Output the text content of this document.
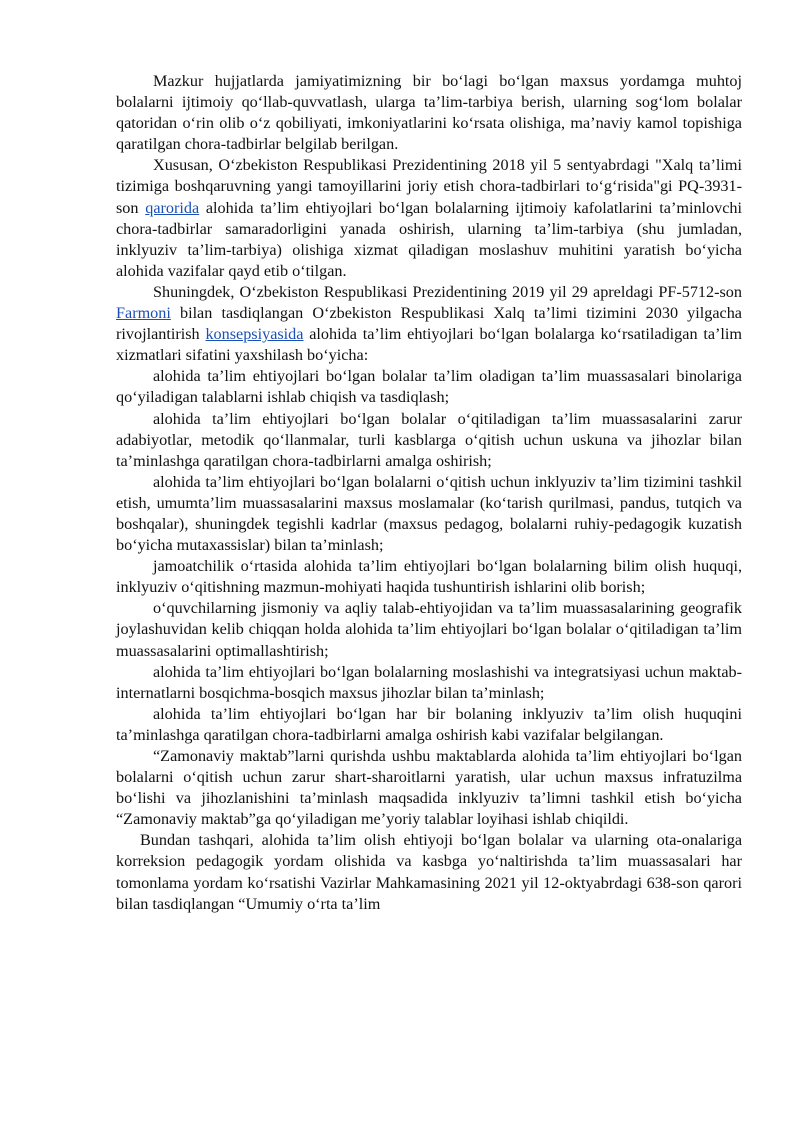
Mazkur hujjatlarda jamiyatimizning bir bo‘lagi bo‘lgan maxsus yordamga muhtoj bolalarni ijtimoiy qo‘llab-quvvatlash, ularga ta’lim-tarbiya berish, ularning sog‘lom bolalar qatoridan o‘rin olib o‘z qobiliyati, imkoniyatlarini ko‘rsata olishiga, ma’naviy kamol topishiga qaratilgan chora-tadbirlar belgilab berilgan.

Xususan, O‘zbekiston Respublikasi Prezidentining 2018 yil 5 sentyabrdagi "Xalq ta’limi tizimiga boshqaruvning yangi tamoyillarini joriy etish chora-tadbirlari to‘g‘risida"gi PQ-3931-son qarorida alohida ta’lim ehtiyojlari bo‘lgan bolalarning ijtimoiy kafolatlarini ta’minlovchi chora-tadbirlar samaradorligini yanada oshirish, ularning ta’lim-tarbiya (shu jumladan, inklyuziv ta’lim-tarbiya) olishiga xizmat qiladigan moslashuv muhitini yaratish bo‘yicha alohida vazifalar qayd etib o‘tilgan.

Shuningdek, O‘zbekiston Respublikasi Prezidentining 2019 yil 29 apreldagi PF-5712-son Farmoni bilan tasdiqlangan O‘zbekiston Respublikasi Xalq ta’limi tizimini 2030 yilgacha rivojlantirish konsepsiyasida alohida ta’lim ehtiyojlari bo‘lgan bolalarga ko‘rsatiladigan ta’lim xizmatlari sifatini yaxshilash bo‘yicha:

alohida ta’lim ehtiyojlari bo‘lgan bolalar ta’lim oladigan ta’lim muassasalari binolariga qo‘yiladigan talablarni ishlab chiqish va tasdiqlash;

alohida ta’lim ehtiyojlari bo‘lgan bolalar o‘qitiladigan ta’lim muassasalarini zarur adabiyotlar, metodik qo‘llanmalar, turli kasblarga o‘qitish uchun uskuna va jihozlar bilan ta’minlashga qaratilgan chora-tadbirlarni amalga oshirish;

alohida ta’lim ehtiyojlari bo‘lgan bolalarni o‘qitish uchun inklyuziv ta’lim tizimini tashkil etish, umumta’lim muassasalarini maxsus moslamalar (ko‘tarish qurilmasi, pandus, tutqich va boshqalar), shuningdek tegishli kadrlar (maxsus pedagog, bolalarni ruhiy-pedagogik kuzatish bo‘yicha mutaxassislar) bilan ta’minlash;

jamoatchilik o‘rtasida alohida ta’lim ehtiyojlari bo‘lgan bolalarning bilim olish huquqi, inklyuziv o‘qitishning mazmun-mohiyati haqida tushuntirish ishlarini olib borish;

o‘quvchilarning jismoniy va aqliy talab-ehtiyojidan va ta’lim muassasalarining geografik joylashuvidan kelib chiqqan holda alohida ta’lim ehtiyojlari bo‘lgan bolalar o‘qitiladigan ta’lim muassasalarini optimallashtirish;

alohida ta’lim ehtiyojlari bo‘lgan bolalarning moslashishi va integratsiyasi uchun maktab-internatlarni bosqichma-bosqich maxsus jihozlar bilan ta’minlash;

alohida ta’lim ehtiyojlari bo‘lgan har bir bolaning inklyuziv ta’lim olish huquqini ta’minlashga qaratilgan chora-tadbirlarni amalga oshirish kabi vazifalar belgilangan.

“Zamonaviy maktab”larni qurishda ushbu maktablarda alohida ta’lim ehtiyojlari bo‘lgan bolalarni o‘qitish uchun zarur shart-sharoitlarni yaratish, ular uchun maxsus infratuzilma bo‘lishi va jihozlanishini ta’minlash maqsadida inklyuziv ta’limni tashkil etish bo‘yicha “Zamonaviy maktab”ga qo‘yiladigan me’yoriy talablar loyihasi ishlab chiqildi.

Bundan tashqari, alohida ta’lim olish ehtiyoji bo‘lgan bolalar va ularning ota-onalariga korreksion pedagogik yordam olishida va kasbga yo‘naltirishda ta’lim muassasalari har tomonlama yordam ko‘rsatishi Vazirlar Mahkamasining 2021 yil 12-oktyabrdagi 638-son qarori bilan tasdiqlangan “Umumiy o‘rta ta’lim
